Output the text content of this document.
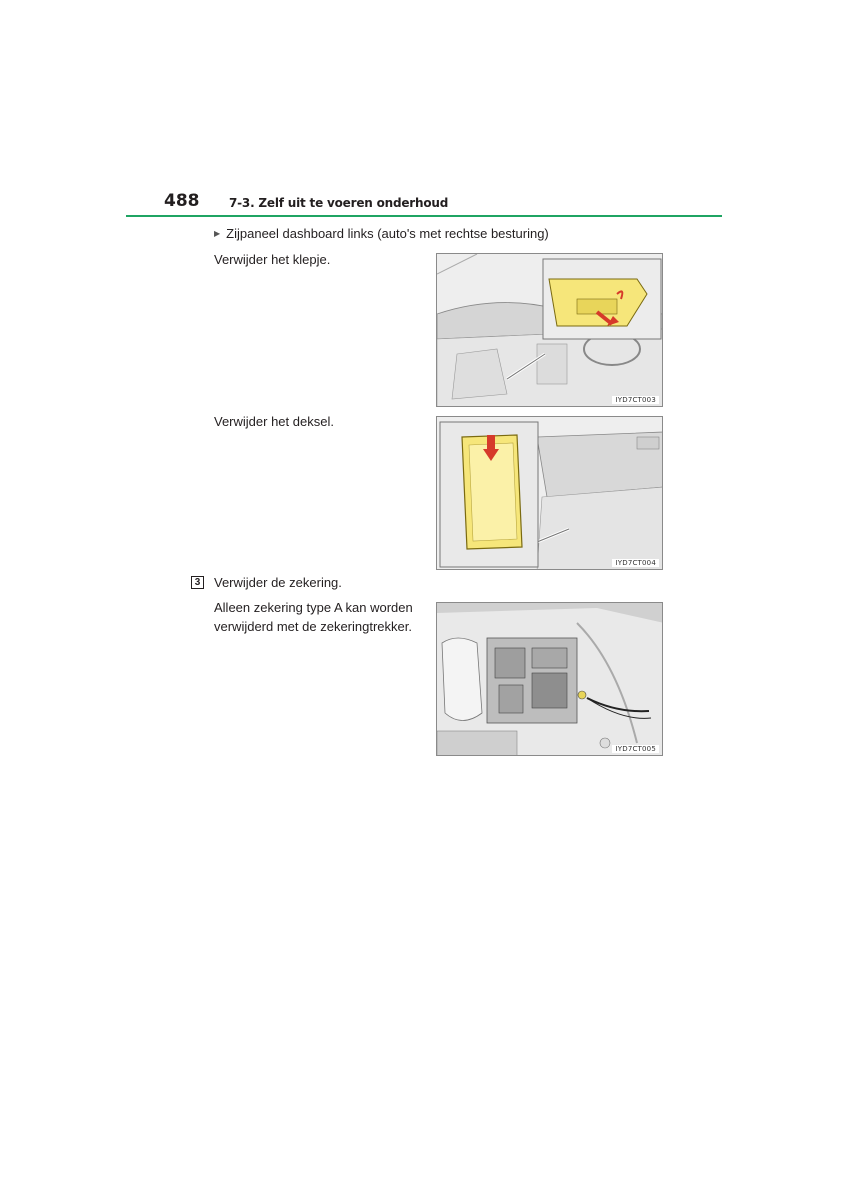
488 7-3. Zelf uit te voeren onderhoud
▶ Zijpaneel dashboard links (auto's met rechtse besturing)
Verwijder het klepje.
IYD7CT003
Verwijder het deksel.
IYD7CT004
3 Verwijder de zekering.
Alleen zekering type A kan worden
verwijderd met de zekeringtrekker.
IYD7CT005
